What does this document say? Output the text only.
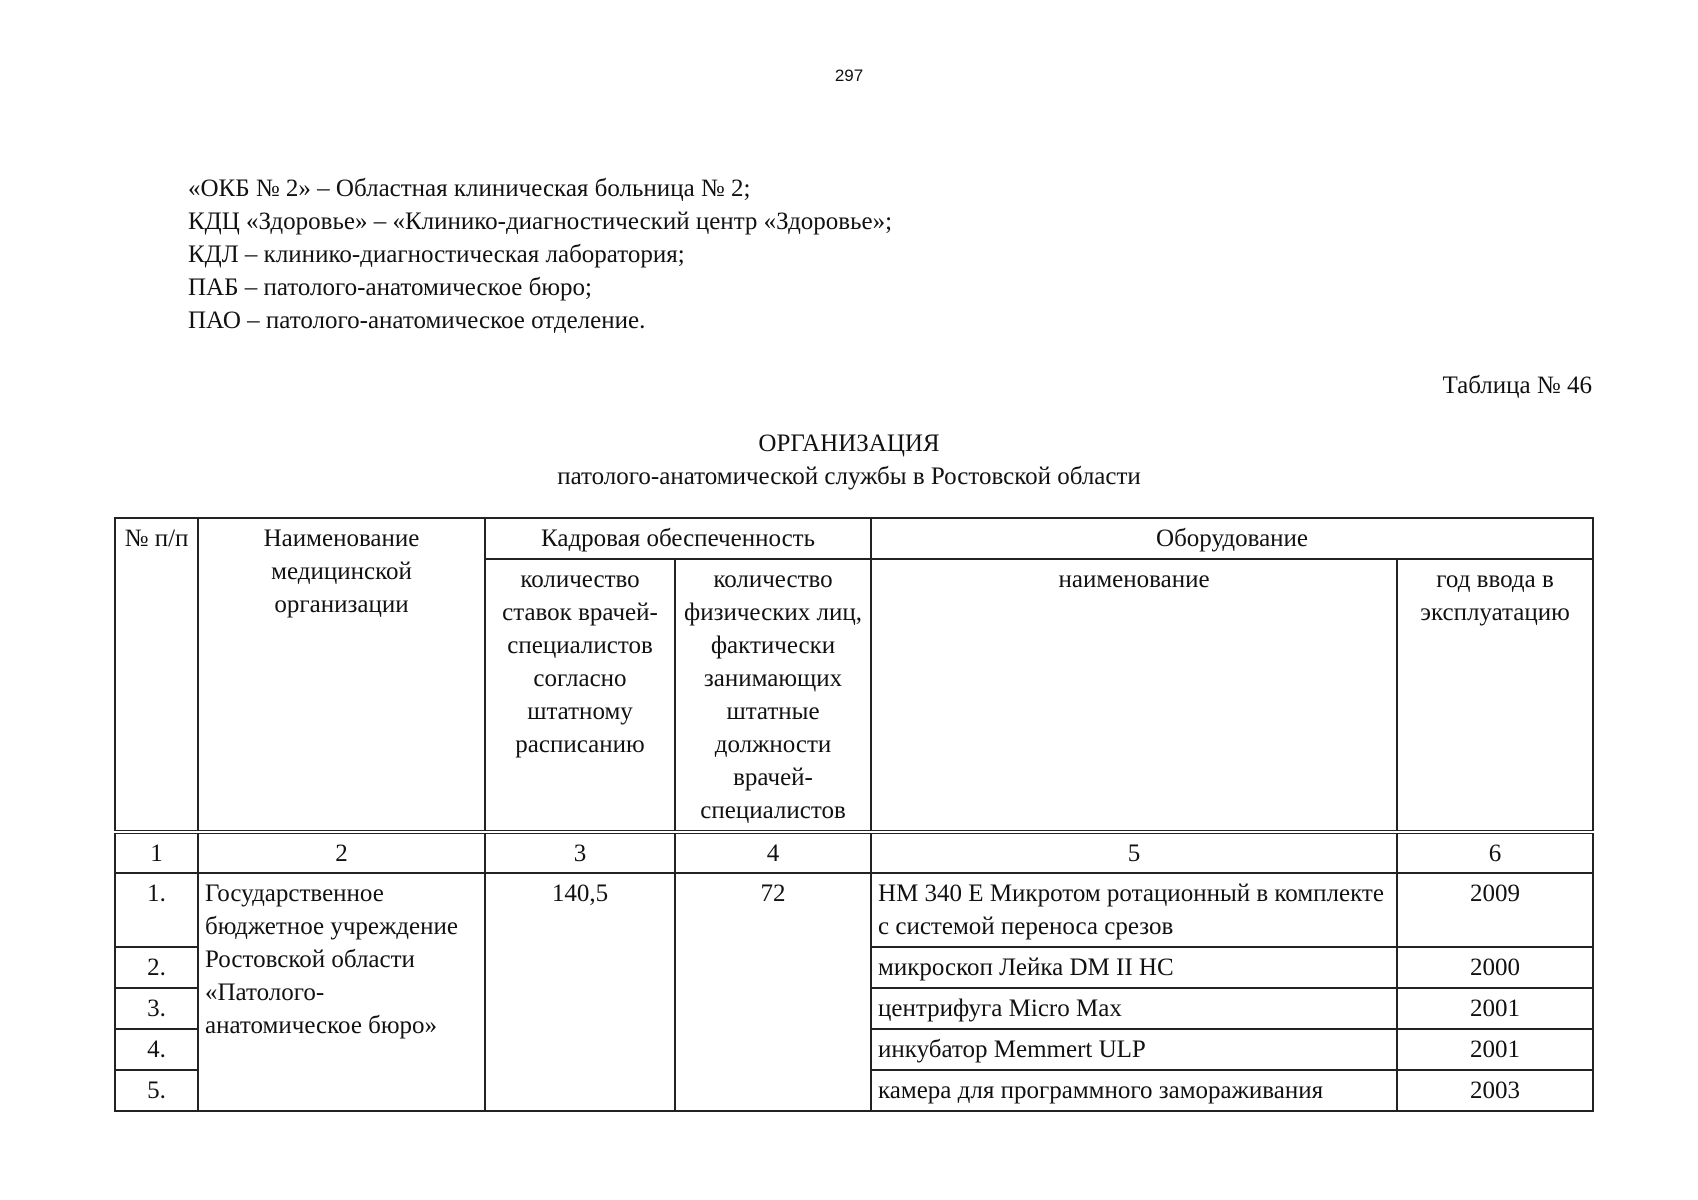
297
«ОКБ № 2» – Областная клиническая больница № 2;
КДЦ «Здоровье» – «Клинико-диагностический центр «Здоровье»;
КДЛ – клинико-диагностическая лаборатория;
ПАБ – патолого-анатомическое бюро;
ПАО – патолого-анатомическое отделение.
Таблица № 46
ОРГАНИЗАЦИЯ
патолого-анатомической службы в Ростовской области
№ п/п	Наименование медицинской организации	Кадровая обеспеченность		Оборудование	
		количество ставок врачей-специалистов согласно штатному расписанию	количество физических лиц, фактически занимающих штатные должности врачей-специалистов	наименование	год ввода в эксплуатацию
1	2	3	4	5	6
1.	Государственное бюджетное учреждение Ростовской области «Патолого-анатомическое бюро»	140,5	72	HM 340 E Микротом ротационный в комплекте с системой переноса срезов	2009
2.				микроскоп Лейка DM II HC	2000
3.				центрифуга Micro Max	2001
4.				инкубатор Memmert ULP	2001
5.				камера для программного замораживания	2003
